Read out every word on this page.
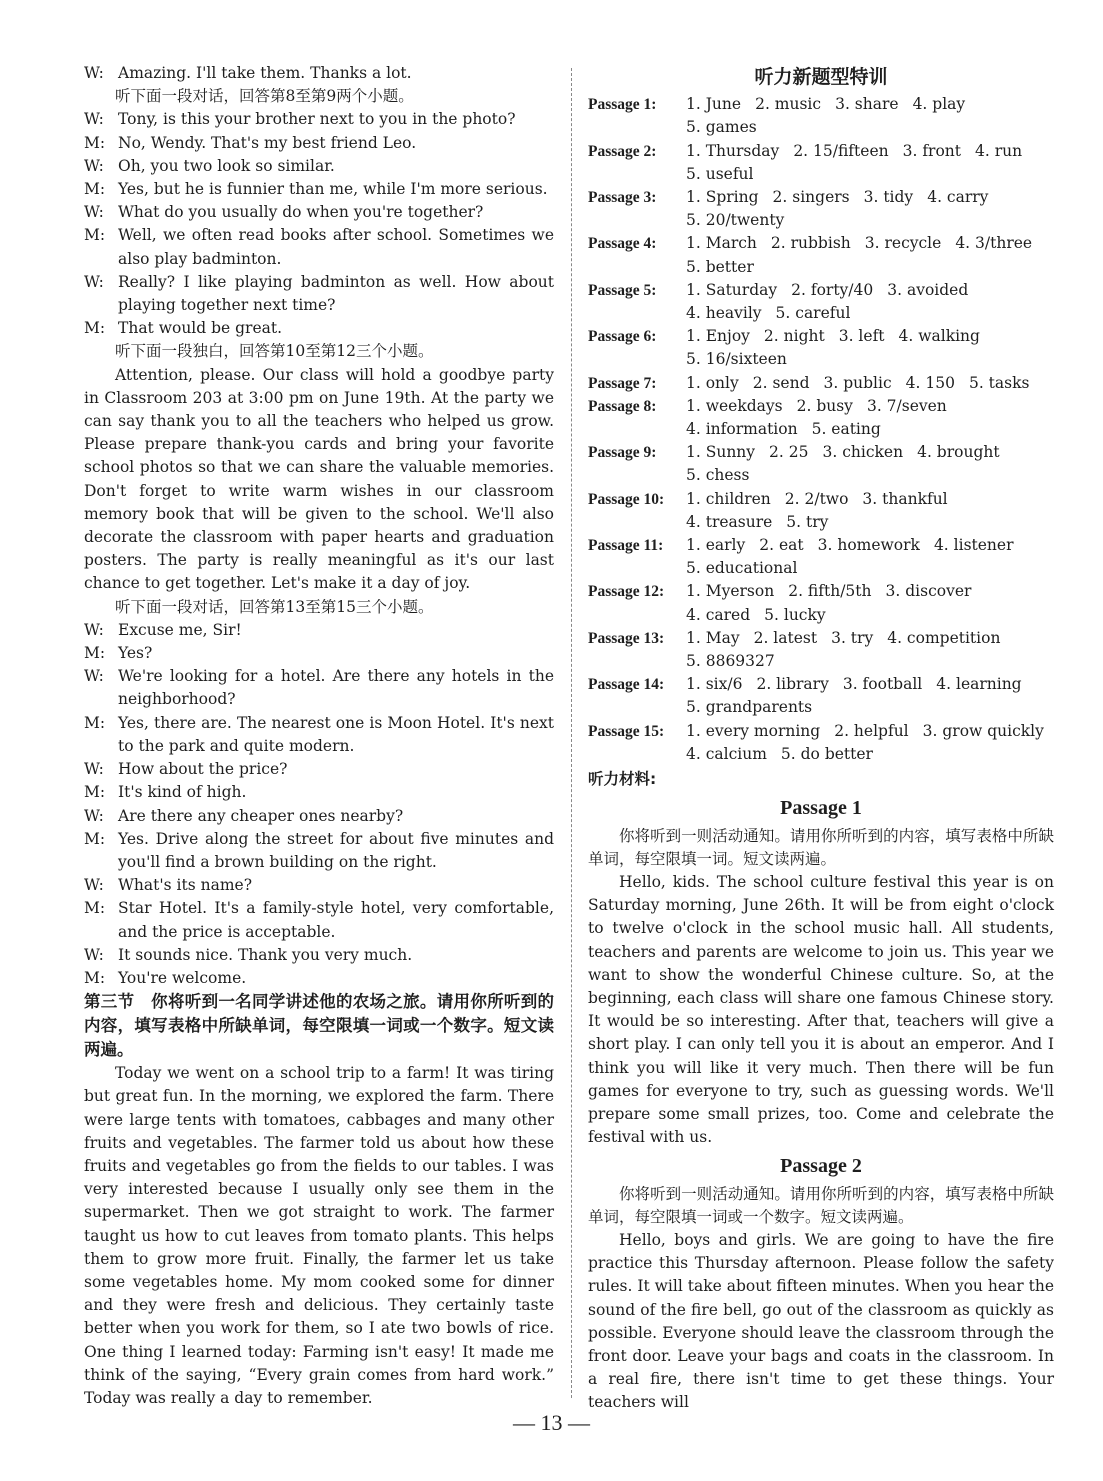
W: Amazing. I'll take them. Thanks a lot.
听下面一段对话，回答第8至第9两个小题。
W: Tony, is this your brother next to you in the photo?
M: No, Wendy. That's my best friend Leo.
W: Oh, you two look so similar.
M: Yes, but he is funnier than me, while I'm more serious.
W: What do you usually do when you're together?
M: Well, we often read books after school. Sometimes we also play badminton.
W: Really? I like playing badminton as well. How about playing together next time?
M: That would be great.
听下面一段独白，回答第10至第12三个小题。
Attention, please. Our class will hold a goodbye party in Classroom 203 at 3:00 pm on June 19th. At the party we can say thank you to all the teachers who helped us grow. Please prepare thank-you cards and bring your favorite school photos so that we can share the valuable memories. Don't forget to write warm wishes in our classroom memory book that will be given to the school. We'll also decorate the classroom with paper hearts and graduation posters. The party is really meaningful as it's our last chance to get together. Let's make it a day of joy.
听下面一段对话，回答第13至第15三个小题。
W: Excuse me, Sir!
M: Yes?
W: We're looking for a hotel. Are there any hotels in the neighborhood?
M: Yes, there are. The nearest one is Moon Hotel. It's next to the park and quite modern.
W: How about the price?
M: It's kind of high.
W: Are there any cheaper ones nearby?
M: Yes. Drive along the street for about five minutes and you'll find a brown building on the right.
W: What's its name?
M: Star Hotel. It's a family-style hotel, very comfortable, and the price is acceptable.
W: It sounds nice. Thank you very much.
M: You're welcome.
第三节　你将听到一名同学讲述他的农场之旅。请用你所听到的内容，填写表格中所缺单词，每空限填一词或一个数字。短文读两遍。
Today we went on a school trip to a farm! It was tiring but great fun. In the morning, we explored the farm. There were large tents with tomatoes, cabbages and many other fruits and vegetables. The farmer told us about how these fruits and vegetables go from the fields to our tables. I was very interested because I usually only see them in the supermarket. Then we got straight to work. The farmer taught us how to cut leaves from tomato plants. This helps them to grow more fruit. Finally, the farmer let us take some vegetables home. My mom cooked some for dinner and they were fresh and delicious. They certainly taste better when you work for them, so I ate two bowls of rice. One thing I learned today: Farming isn't easy! It made me think of the saying, “Every grain comes from hard work.” Today was really a day to remember.
听力新题型特训
Passage 1:	1. June 2. music 3. share 4. play
5. games
Passage 2:	1. Thursday 2. 15/fifteen 3. front 4. run
5. useful
Passage 3:	1. Spring 2. singers 3. tidy 4. carry
5. 20/twenty
Passage 4:	1. March 2. rubbish 3. recycle 4. 3/three
5. better
Passage 5:	1. Saturday 2. forty/40 3. avoided
4. heavily 5. careful
Passage 6:	1. Enjoy 2. night 3. left 4. walking
5. 16/sixteen
Passage 7:	1. only 2. send 3. public 4. 150 5. tasks
Passage 8:	1. weekdays 2. busy 3. 7/seven
4. information 5. eating
Passage 9:	1. Sunny 2. 25 3. chicken 4. brought
5. chess
Passage 10:	1. children 2. 2/two 3. thankful
4. treasure 5. try
Passage 11:	1. early 2. eat 3. homework 4. listener
5. educational
Passage 12:	1. Myerson 2. fifth/5th 3. discover
4. cared 5. lucky
Passage 13:	1. May 2. latest 3. try 4. competition
5. 8869327
Passage 14:	1. six/6 2. library 3. football 4. learning
5. grandparents
Passage 15:	1. every morning 2. helpful 3. grow quickly
4. calcium 5. do better
听力材料:
Passage 1
你将听到一则活动通知。请用你所听到的内容，填写表格中所缺单词，每空限填一词。短文读两遍。
Hello, kids. The school culture festival this year is on Saturday morning, June 26th. It will be from eight o'clock to twelve o'clock in the school music hall. All students, teachers and parents are welcome to join us. This year we want to show the wonderful Chinese culture. So, at the beginning, each class will share one famous Chinese story. It would be so interesting. After that, teachers will give a short play. I can only tell you it is about an emperor. And I think you will like it very much. Then there will be fun games for everyone to try, such as guessing words. We'll prepare some small prizes, too. Come and celebrate the festival with us.
Passage 2
你将听到一则活动通知。请用你所听到的内容，填写表格中所缺单词，每空限填一词或一个数字。短文读两遍。
Hello, boys and girls. We are going to have the fire practice this Thursday afternoon. Please follow the safety rules. It will take about fifteen minutes. When you hear the sound of the fire bell, go out of the classroom as quickly as possible. Everyone should leave the classroom through the front door. Leave your bags and coats in the classroom. In a real fire, there isn't time to get these things. Your teachers will
— 13 —
